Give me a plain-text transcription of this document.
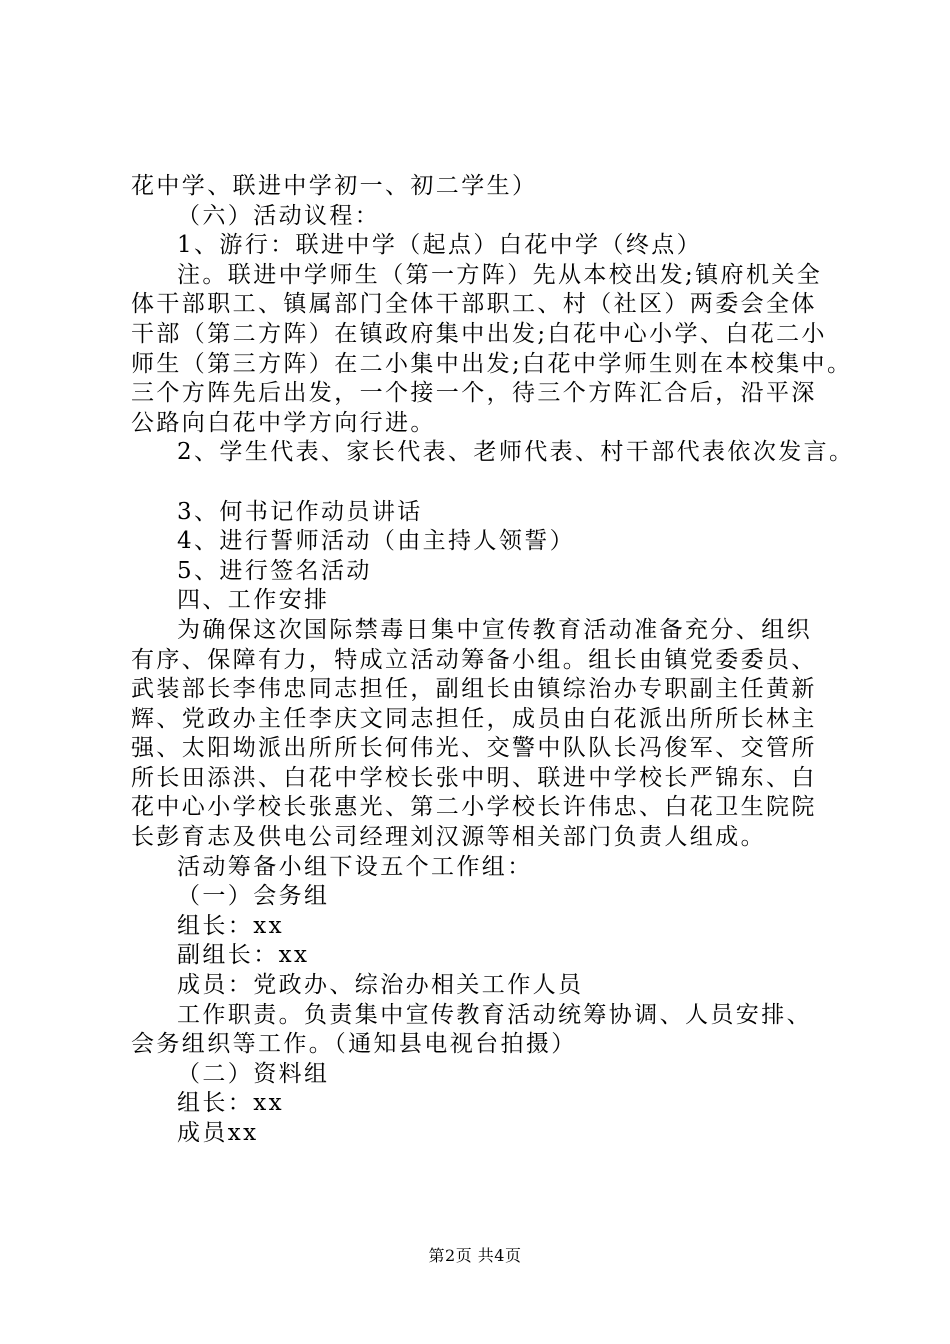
花中学、联进中学初一、初二学生）

（六）活动议程：

1、游行：联进中学（起点）白花中学（终点）

注。联进中学师生（第一方阵）先从本校出发;镇府机关全

体干部职工、镇属部门全体干部职工、村（社区）两委会全体

干部（第二方阵）在镇政府集中出发;白花中心小学、白花二小

师生（第三方阵）在二小集中出发;白花中学师生则在本校集中。

三个方阵先后出发，一个接一个，待三个方阵汇合后，沿平深

公路向白花中学方向行进。

2、学生代表、家长代表、老师代表、村干部代表依次发言。

3、何书记作动员讲话

4、进行誓师活动（由主持人领誓）

5、进行签名活动

四、工作安排

为确保这次国际禁毒日集中宣传教育活动准备充分、组织

有序、保障有力，特成立活动筹备小组。组长由镇党委委员、

武装部长李伟忠同志担任，副组长由镇综治办专职副主任黄新

辉、党政办主任李庆文同志担任，成员由白花派出所所长林主

强、太阳坳派出所所长何伟光、交警中队队长冯俊军、交管所

所长田添洪、白花中学校长张中明、联进中学校长严锦东、白

花中心小学校长张惠光、第二小学校长许伟忠、白花卫生院院

长彭育志及供电公司经理刘汉源等相关部门负责人组成。

活动筹备小组下设五个工作组：

（一）会务组

组长：xx

副组长：xx

成员：党政办、综治办相关工作人员

工作职责。负责集中宣传教育活动统筹协调、人员安排、

会务组织等工作。（通知县电视台拍摄）

（二）资料组

组长：xx

成员xx

第2页 共4页
